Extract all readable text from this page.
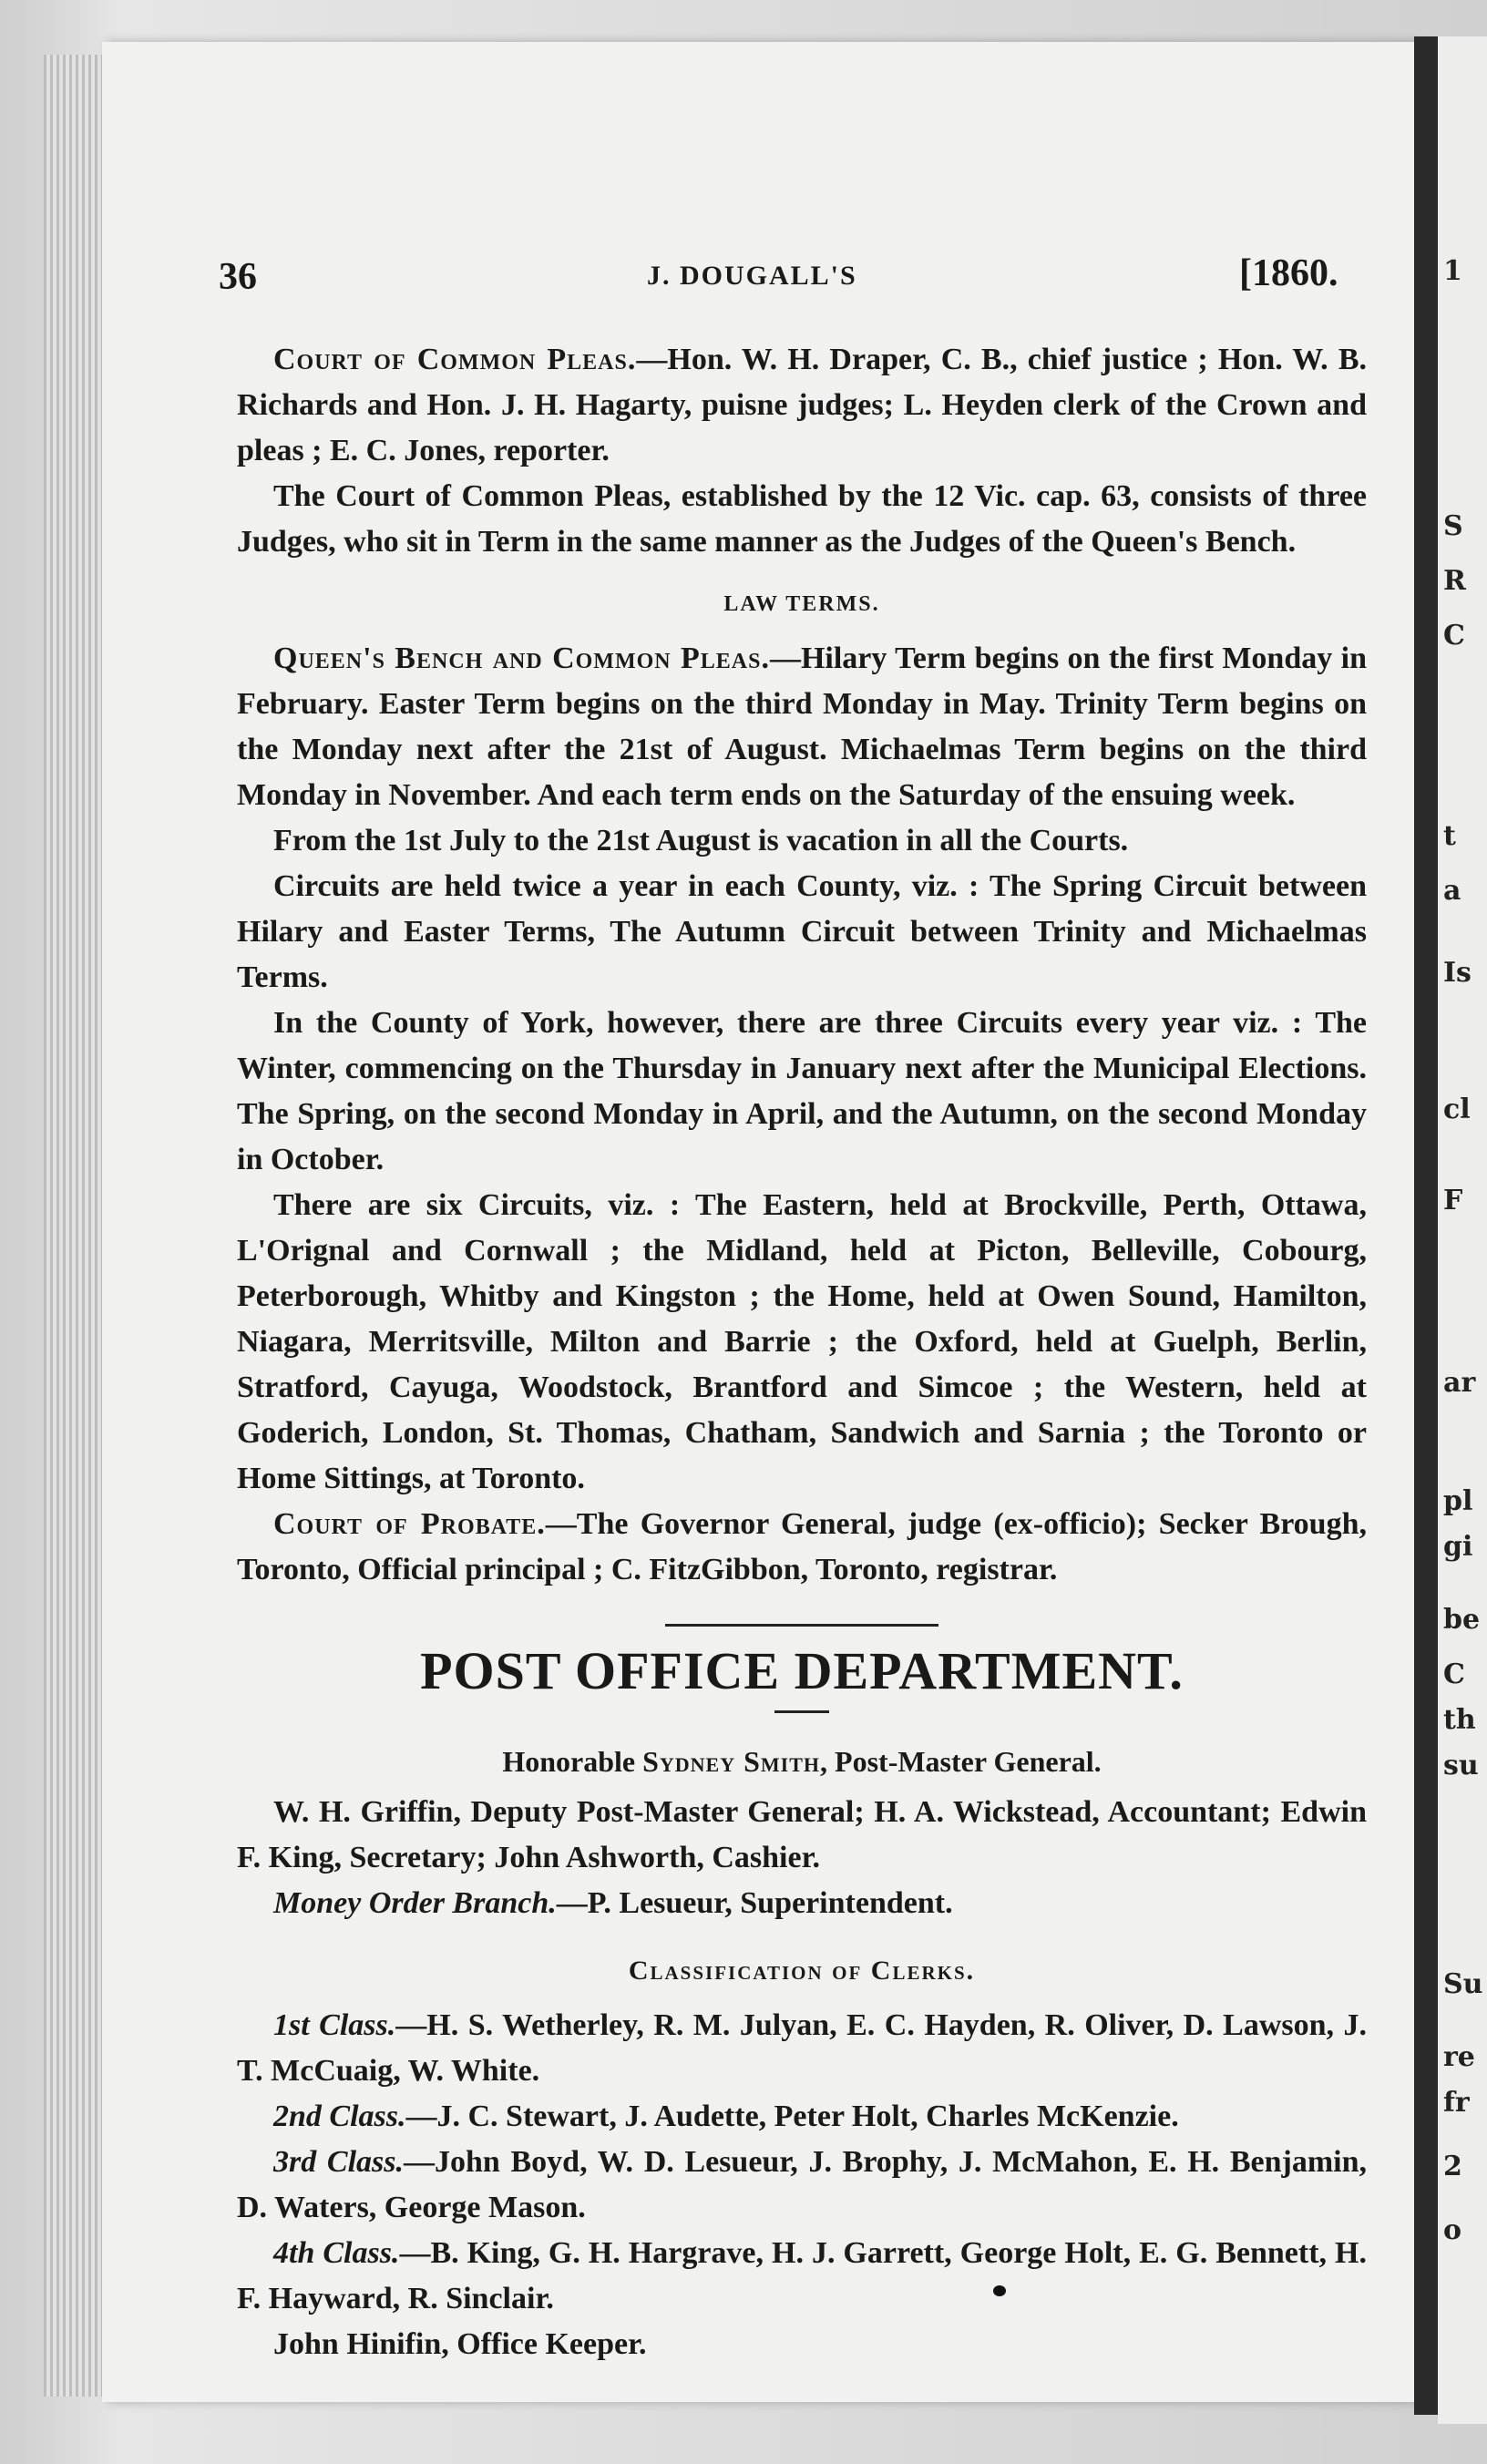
1
S
R
C
t
a
Is
cl
F
ar
pl
gi
be
C
th
su
Su
re
fr
2
o
36	J. DOUGALL'S	[1860.

Court of Common Pleas.—Hon. W. H. Draper, C. B., chief justice ; Hon. W. B. Richards and Hon. J. H. Hagarty, puisne judges; L. Heyden clerk of the Crown and pleas ; E. C. Jones, reporter.

The Court of Common Pleas, established by the 12 Vic. cap. 63, consists of three Judges, who sit in Term in the same manner as the Judges of the Queen's Bench.

LAW TERMS.

Queen's Bench and Common Pleas.—Hilary Term begins on the first Monday in February. Easter Term begins on the third Monday in May. Trinity Term begins on the Monday next after the 21st of August. Michaelmas Term begins on the third Monday in November. And each term ends on the Saturday of the ensuing week.

From the 1st July to the 21st August is vacation in all the Courts.

Circuits are held twice a year in each County, viz. : The Spring Circuit between Hilary and Easter Terms, The Autumn Circuit between Trinity and Michaelmas Terms.

In the County of York, however, there are three Circuits every year viz. : The Winter, commencing on the Thursday in January next after the Municipal Elections. The Spring, on the second Monday in April, and the Autumn, on the second Monday in October.

There are six Circuits, viz. : The Eastern, held at Brockville, Perth, Ottawa, L'Orignal and Cornwall ; the Midland, held at Picton, Belleville, Cobourg, Peterborough, Whitby and Kingston ; the Home, held at Owen Sound, Hamilton, Niagara, Merritsville, Milton and Barrie ; the Oxford, held at Guelph, Berlin, Stratford, Cayuga, Woodstock, Brantford and Simcoe ; the Western, held at Goderich, London, St. Thomas, Chatham, Sandwich and Sarnia ; the Toronto or Home Sittings, at Toronto.

Court of Probate.—The Governor General, judge (ex-officio); Secker Brough, Toronto, Official principal ; C. FitzGibbon, Toronto, registrar.

POST OFFICE DEPARTMENT.
Honorable Sydney Smith, Post-Master General.

W. H. Griffin, Deputy Post-Master General; H. A. Wickstead, Accountant; Edwin F. King, Secretary; John Ashworth, Cashier.

Money Order Branch.—P. Lesueur, Superintendent.

Classification of Clerks.

1st Class.—H. S. Wetherley, R. M. Julyan, E. C. Hayden, R. Oliver, D. Lawson, J. T. McCuaig, W. White.

2nd Class.—J. C. Stewart, J. Audette, Peter Holt, Charles McKenzie.

3rd Class.—John Boyd, W. D. Lesueur, J. Brophy, J. McMahon, E. H. Benjamin, D. Waters, George Mason.

4th Class.—B. King, G. H. Hargrave, H. J. Garrett, George Holt, E. G. Bennett, H. F. Hayward, R. Sinclair.

John Hinifin, Office Keeper.
